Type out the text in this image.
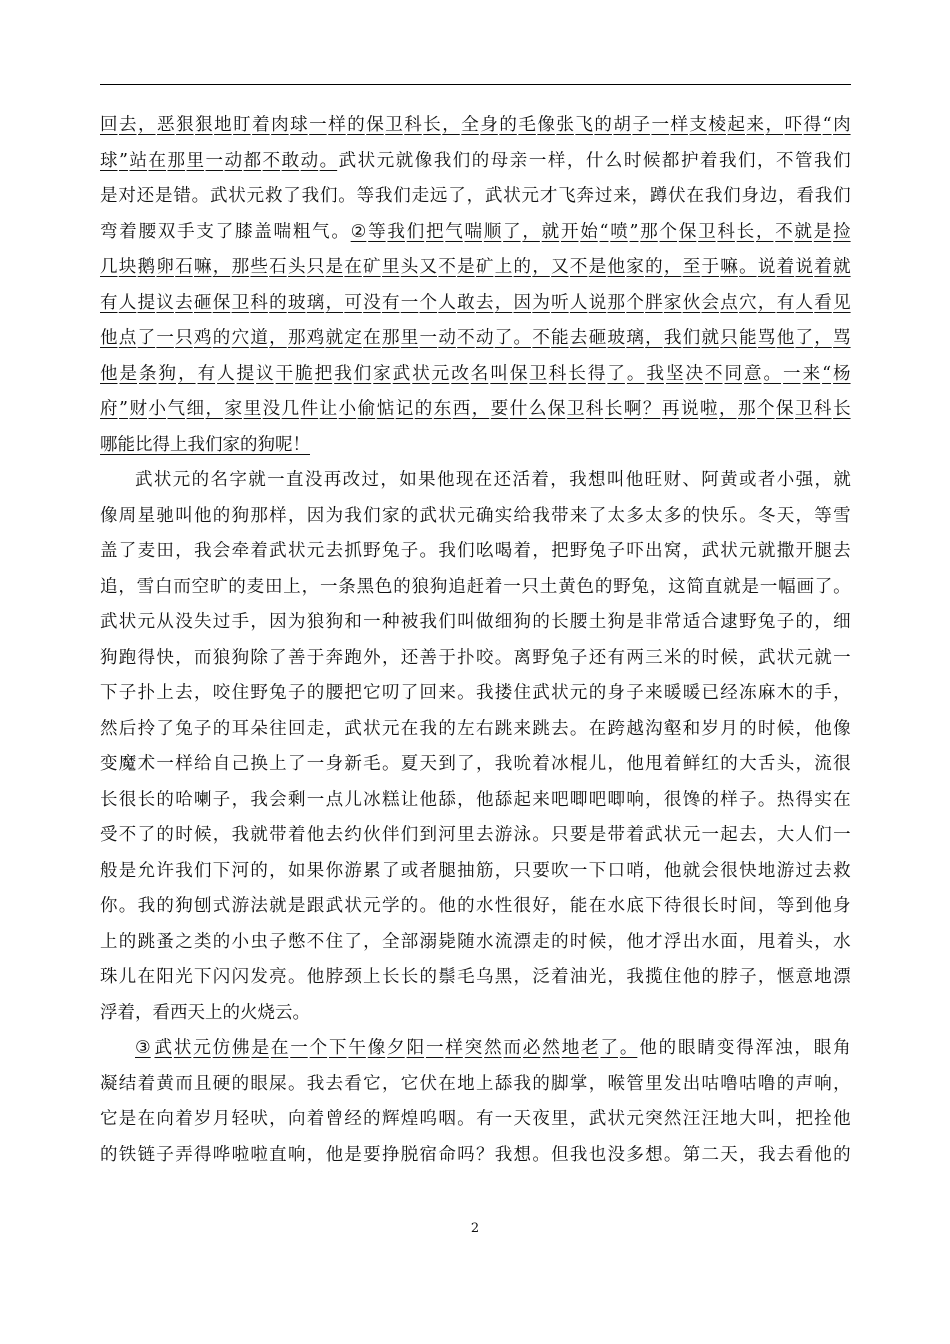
回 去 ， 恶 狠 狠 地 盯 着 肉 球 一 样 的 保 卫 科 长 ， 全 身 的 毛 像 张 飞 的 胡 子 一 样 支 棱 起 来 ， 吓 得 “ 肉
球 ” 站 在 那 里 一 动 都 不 敢 动 。 武 状 元 就 像 我 们 的 母 亲 一 样 ， 什 么 时 候 都 护 着 我 们 ， 不 管 我 们
是 对 还 是 错 。 武 状 元 救 了 我 们 。 等 我 们 走 远 了 ， 武 状 元 才 飞 奔 过 来 ， 蹲 伏 在 我 们 身 边 ， 看 我 们
弯 着 腰 双 手 支 了 膝 盖 喘 粗 气 。 ② 等 我 们 把 气 喘 顺 了 ， 就 开 始 “ 喷 ” 那 个 保 卫 科 长 ， 不 就 是 捡
几 块 鹅 卵 石 嘛 ， 那 些 石 头 只 是 在 矿 里 头 又 不 是 矿 上 的 ， 又 不 是 他 家 的 ， 至 于 嘛 。 说 着 说 着 就
有 人 提 议 去 砸 保 卫 科 的 玻 璃 ， 可 没 有 一 个 人 敢 去 ， 因 为 听 人 说 那 个 胖 家 伙 会 点 穴 ， 有 人 看 见
他 点 了 一 只 鸡 的 穴 道 ， 那 鸡 就 定 在 那 里 一 动 不 动 了 。 不 能 去 砸 玻 璃 ， 我 们 就 只 能 骂 他 了 ， 骂
他 是 条 狗 ， 有 人 提 议 干 脆 把 我 们 家 武 状 元 改 名 叫 保 卫 科 长 得 了 。 我 坚 决 不 同 意 。 一 来 “ 杨
府 ” 财 小 气 细 ， 家 里 没 几 件 让 小 偷 惦 记 的 东 西 ， 要 什 么 保 卫 科 长 啊 ？ 再 说 啦 ， 那 个 保 卫 科 长
哪 能 比 得 上 我 们 家 的 狗 呢 ！
武 状 元 的 名 字 就 一 直 没 再 改 过 ， 如 果 他 现 在 还 活 着 ， 我 想 叫 他 旺 财 、 阿 黄 或 者 小 强 ， 就
像 周 星 驰 叫 他 的 狗 那 样 ， 因 为 我 们 家 的 武 状 元 确 实 给 我 带 来 了 太 多 太 多 的 快 乐 。 冬 天 ， 等 雪
盖 了 麦 田 ， 我 会 牵 着 武 状 元 去 抓 野 兔 子 。 我 们 吆 喝 着 ， 把 野 兔 子 吓 出 窝 ， 武 状 元 就 撒 开 腿 去
追 ， 雪 白 而 空 旷 的 麦 田 上 ， 一 条 黑 色 的 狼 狗 追 赶 着 一 只 土 黄 色 的 野 兔 ， 这 简 直 就 是 一 幅 画 了 。
武 状 元 从 没 失 过 手 ， 因 为 狼 狗 和 一 种 被 我 们 叫 做 细 狗 的 长 腰 土 狗 是 非 常 适 合 逮 野 兔 子 的 ， 细
狗 跑 得 快 ， 而 狼 狗 除 了 善 于 奔 跑 外 ， 还 善 于 扑 咬 。 离 野 兔 子 还 有 两 三 米 的 时 候 ， 武 状 元 就 一
下 子 扑 上 去 ， 咬 住 野 兔 子 的 腰 把 它 叨 了 回 来 。 我 搂 住 武 状 元 的 身 子 来 暖 暖 已 经 冻 麻 木 的 手 ，
然 后 拎 了 兔 子 的 耳 朵 往 回 走 ， 武 状 元 在 我 的 左 右 跳 来 跳 去 。 在 跨 越 沟 壑 和 岁 月 的 时 候 ， 他 像
变 魔 术 一 样 给 自 己 换 上 了 一 身 新 毛 。 夏 天 到 了 ， 我 吮 着 冰 棍 儿 ， 他 甩 着 鲜 红 的 大 舌 头 ， 流 很
长 很 长 的 哈 喇 子 ， 我 会 剩 一 点 儿 冰 糕 让 他 舔 ， 他 舔 起 来 吧 唧 吧 唧 响 ， 很 馋 的 样 子 。 热 得 实 在
受 不 了 的 时 候 ， 我 就 带 着 他 去 约 伙 伴 们 到 河 里 去 游 泳 。 只 要 是 带 着 武 状 元 一 起 去 ， 大 人 们 一
般 是 允 许 我 们 下 河 的 ， 如 果 你 游 累 了 或 者 腿 抽 筋 ， 只 要 吹 一 下 口 哨 ， 他 就 会 很 快 地 游 过 去 救
你 。 我 的 狗 刨 式 游 法 就 是 跟 武 状 元 学 的 。 他 的 水 性 很 好 ， 能 在 水 底 下 待 很 长 时 间 ， 等 到 他 身
上 的 跳 蚤 之 类 的 小 虫 子 憋 不 住 了 ， 全 部 溺 毙 随 水 流 漂 走 的 时 候 ， 他 才 浮 出 水 面 ， 甩 着 头 ， 水
珠 儿 在 阳 光 下 闪 闪 发 亮 。 他 脖 颈 上 长 长 的 鬃 毛 乌 黑 ， 泛 着 油 光 ， 我 揽 住 他 的 脖 子 ， 惬 意 地 漂
浮 着 ， 看 西 天 上 的 火 烧 云 。
③ 武 状 元 仿 佛 是 在 一 个 下 午 像 夕 阳 一 样 突 然 而 必 然 地 老 了 。 他 的 眼 睛 变 得 浑 浊 ， 眼 角
凝 结 着 黄 而 且 硬 的 眼 屎 。 我 去 看 它 ， 它 伏 在 地 上 舔 我 的 脚 掌 ， 喉 管 里 发 出 咕 噜 咕 噜 的 声 响 ，
它 是 在 向 着 岁 月 轻 吠 ， 向 着 曾 经 的 辉 煌 呜 咽 。 有 一 天 夜 里 ， 武 状 元 突 然 汪 汪 地 大 叫 ， 把 拴 他
的 铁 链 子 弄 得 哗 啦 啦 直 响 ， 他 是 要 挣 脱 宿 命 吗 ？ 我 想 。 但 我 也 没 多 想 。 第 二 天 ， 我 去 看 他 的
2
